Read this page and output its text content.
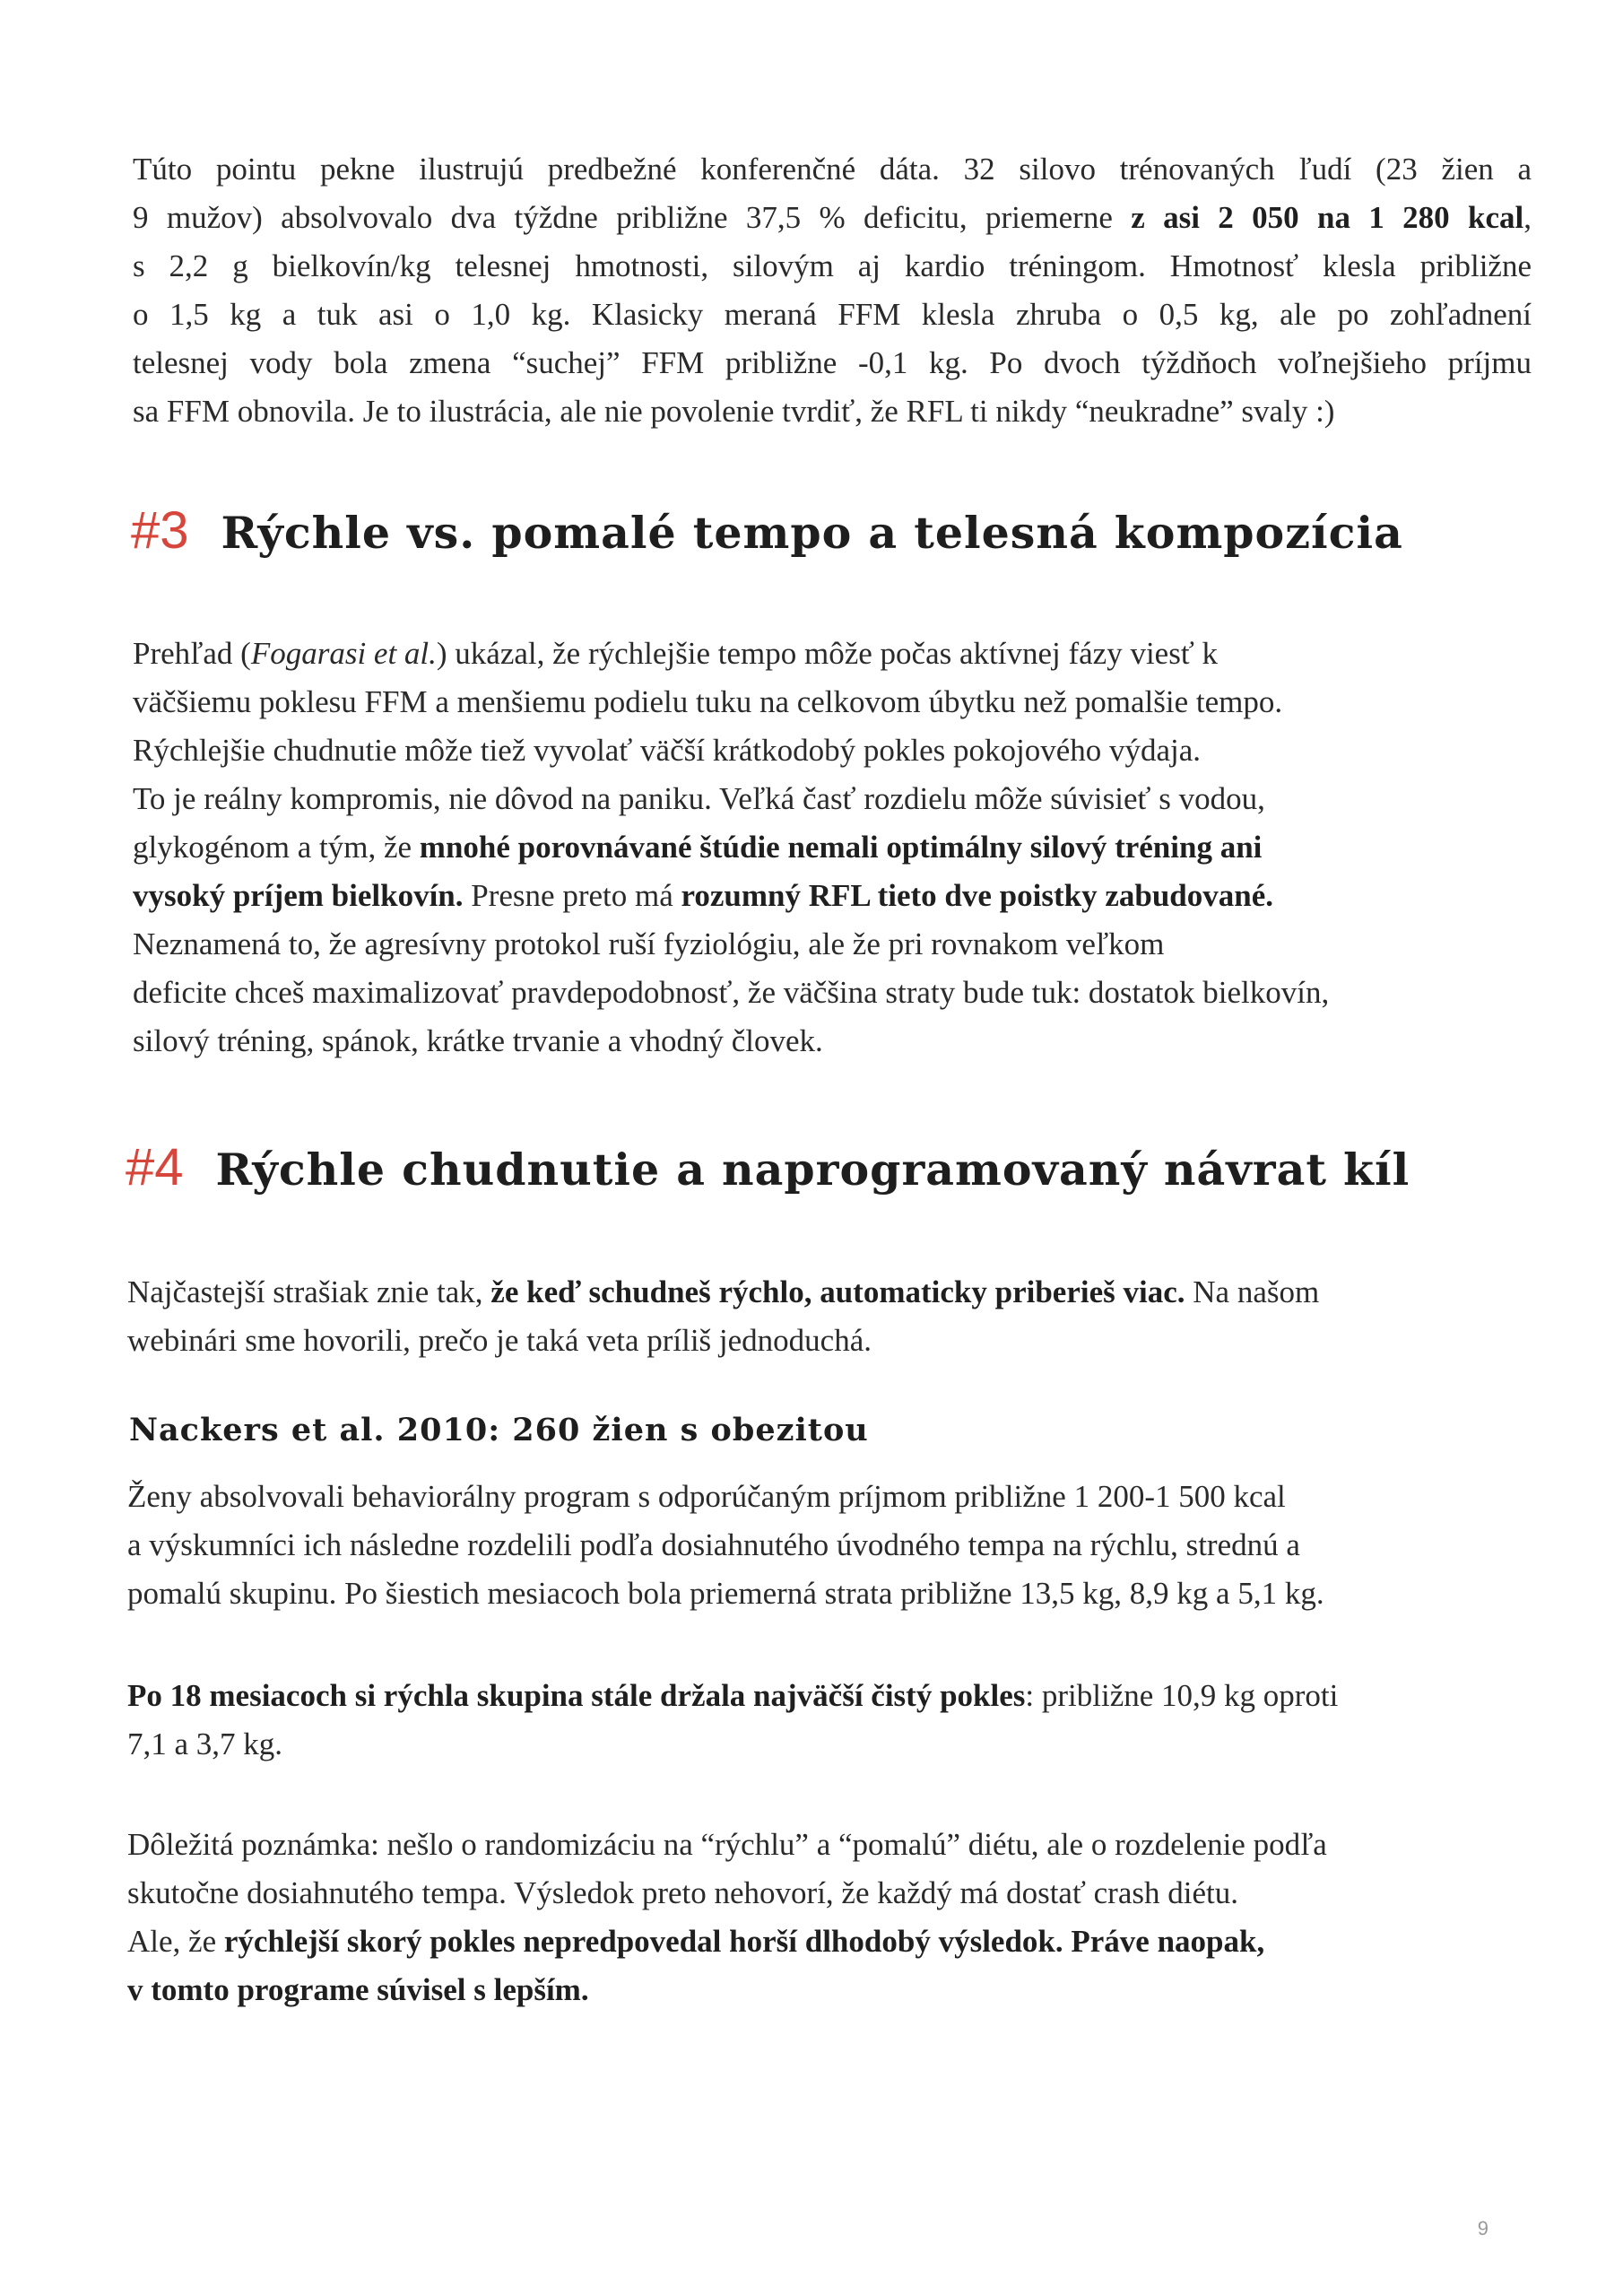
Túto pointu pekne ilustrujú predbežné konferenčné dáta. 32 silovo trénovaných ľudí (23 žien a
9 mužov) absolvovalo dva týždne približne 37,5 % deficitu, priemerne z asi 2 050 na 1 280 kcal,
s 2,2 g bielkovín/kg telesnej hmotnosti, silovým aj kardio tréningom. Hmotnosť klesla približne
o 1,5 kg a tuk asi o 1,0 kg. Klasicky meraná FFM klesla zhruba o 0,5 kg, ale po zohľadnení
telesnej vody bola zmena “suchej” FFM približne -0,1 kg. Po dvoch týždňoch voľnejšieho príjmu
sa FFM obnovila. Je to ilustrácia, ale nie povolenie tvrdiť, že RFL ti nikdy “neukradne” svaly :)
#3 Rýchle vs. pomalé tempo a telesná kompozícia
Prehľad (Fogarasi et al.) ukázal, že rýchlejšie tempo môže počas aktívnej fázy viesť k
väčšiemu poklesu FFM a menšiemu podielu tuku na celkovom úbytku než pomalšie tempo.
Rýchlejšie chudnutie môže tiež vyvolať väčší krátkodobý pokles pokojového výdaja.
To je reálny kompromis, nie dôvod na paniku. Veľká časť rozdielu môže súvisieť s vodou,
glykogénom a tým, že mnohé porovnávané štúdie nemali optimálny silový tréning ani
vysoký príjem bielkovín. Presne preto má rozumný RFL tieto dve poistky zabudované.
Neznamená to, že agresívny protokol ruší fyziológiu, ale že pri rovnakom veľkom
deficite chceš maximalizovať pravdepodobnosť, že väčšina straty bude tuk: dostatok bielkovín,
silový tréning, spánok, krátke trvanie a vhodný človek.
#4 Rýchle chudnutie a naprogramovaný návrat kíl
Najčastejší strašiak znie tak, že keď schudneš rýchlo, automaticky priberieš viac. Na našom
webinári sme hovorili, prečo je taká veta príliš jednoduchá.
Nackers et al. 2010: 260 žien s obezitou
Ženy absolvovali behaviorálny program s odporúčaným príjmom približne 1 200-1 500 kcal
a výskumníci ich následne rozdelili podľa dosiahnutého úvodného tempa na rýchlu, strednú a
pomalú skupinu. Po šiestich mesiacoch bola priemerná strata približne 13,5 kg, 8,9 kg a 5,1 kg.
Po 18 mesiacoch si rýchla skupina stále držala najväčší čistý pokles: približne 10,9 kg oproti
7,1 a 3,7 kg.
Dôležitá poznámka: nešlo o randomizáciu na “rýchlu” a “pomalú” diétu, ale o rozdelenie podľa
skutočne dosiahnutého tempa. Výsledok preto nehovorí, že každý má dostať crash diétu.
Ale, že rýchlejší skorý pokles nepredpovedal horší dlhodobý výsledok. Práve naopak,
v tomto programe súvisel s lepším.
9
